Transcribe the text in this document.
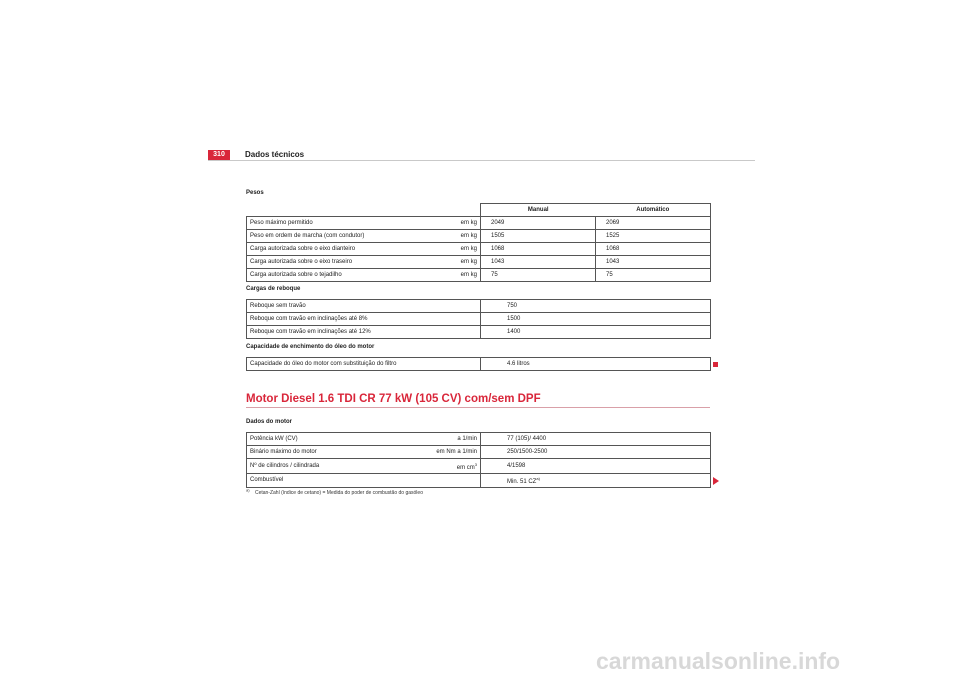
310	Dados técnicos
Pesos
		Manual	Automático
Peso máximo permitido	em kg	2049	2069
Peso em ordem de marcha (com condutor)	em kg	1505	1525
Carga autorizada sobre o eixo dianteiro	em kg	1068	1068
Carga autorizada sobre o eixo traseiro	em kg	1043	1043
Carga autorizada sobre o tejadilho	em kg	75	75
Cargas de reboque
Reboque sem travão	750
Reboque com travão em inclinações até 8%	1500
Reboque com travão em inclinações até 12%	1400
Capacidade de enchimento do óleo do motor
Capacidade do óleo do motor com substituição do filtro	4.6 litros
Motor Diesel 1.6 TDI CR 77 kW (105 CV) com/sem DPF
Dados do motor
Potência kW (CV)	a 1/min	77 (105)/ 4400
Binário máximo do motor	em Nm a 1/min	250/1500-2500
Nº de cilindros / cilindrada	em $cm^3$	4/1598
Combustível		Min. 51 CZ$^{a)}$
$^{a)}$ Cetan-Zahl (índice de cetano) = Medida do poder de combustão do gasóleo
carmanualsonline.info
